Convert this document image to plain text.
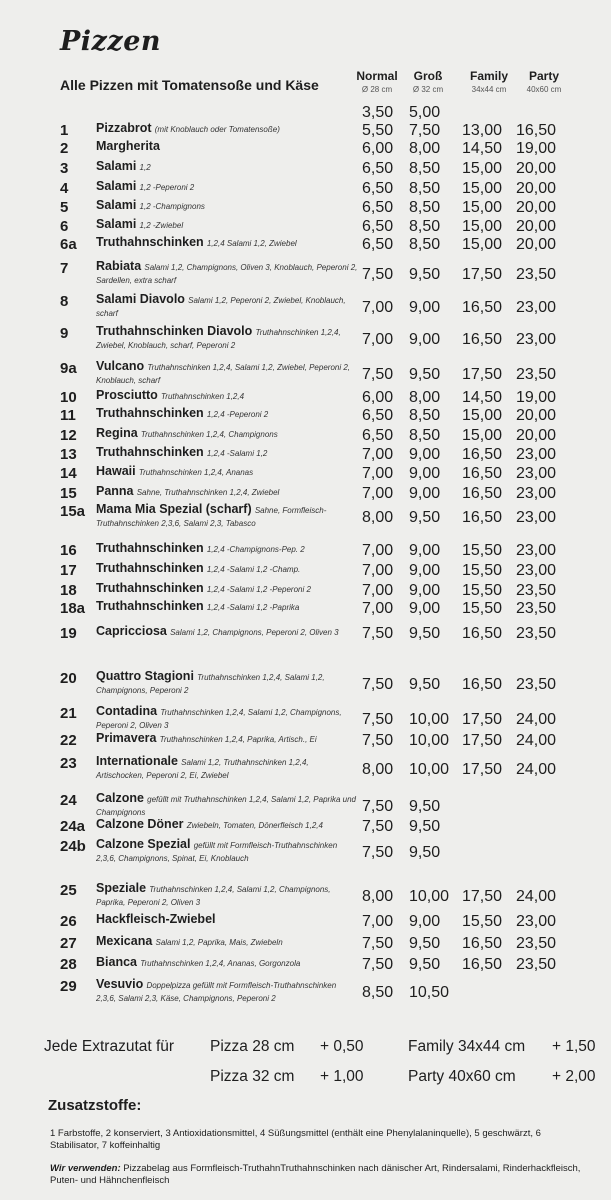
Pizzen
Alle Pizzen mit Tomatensoße und Käse
Normal
Ø 28 cm
Groß
Ø 32 cm
Family
34x44 cm
Party
40x60 cm
3,50 5,00
1 Pizzabrot (mit Knoblauch oder Tomatensoße)	5,50 7,50 13,00 16,50
2 Margherita	6,00 8,00 14,50 19,00
3 Salami 1,2	6,50 8,50 15,00 20,00
4 Salami 1,2 -Peperoni 2	6,50 8,50 15,00 20,00
5 Salami 1,2 -Champignons	6,50 8,50 15,00 20,00
6 Salami 1,2 -Zwiebel	6,50 8,50 15,00 20,00
6a Truthahnschinken 1,2,4 Salami 1,2, Zwiebel	6,50 8,50 15,00 20,00
7 Rabiata Salami 1,2, Champignons, Oliven 3, Knoblauch, Peperoni 2, Sardellen, extra scharf	7,50 9,50 17,50 23,50
8 Salami Diavolo Salami 1,2, Peperoni 2, Zwiebel, Knoblauch, scharf	7,00 9,00 16,50 23,00
9 Truthahnschinken Diavolo Truthahnschinken 1,2,4, Zwiebel, Knoblauch, scharf, Peperoni 2	7,00 9,00 16,50 23,00
9a Vulcano Truthahnschinken 1,2,4, Salami 1,2, Zwiebel, Peperoni 2, Knoblauch, scharf	7,50 9,50 17,50 23,50
10 Prosciutto Truthahnschinken 1,2,4	6,00 8,00 14,50 19,00
11 Truthahnschinken 1,2,4 -Peperoni 2	6,50 8,50 15,00 20,00
12 Regina Truthahnschinken 1,2,4, Champignons	6,50 8,50 15,00 20,00
13 Truthahnschinken 1,2,4 -Salami 1,2	7,00 9,00 16,50 23,00
14 Hawaii Truthahnschinken 1,2,4, Ananas	7,00 9,00 16,50 23,00
15 Panna Sahne, Truthahnschinken 1,2,4, Zwiebel	7,00 9,00 16,50 23,00
15a Mama Mia Spezial (scharf) Sahne, Formfleisch-Truthahnschinken 2,3,6, Salami 2,3, Tabasco	8,00 9,50 16,50 23,00
16 Truthahnschinken 1,2,4 -Champignons-Pep. 2	7,00 9,00 15,50 23,00
17 Truthahnschinken 1,2,4 -Salami 1,2 -Champ.	7,00 9,00 15,50 23,00
18 Truthahnschinken 1,2,4 -Salami 1,2 -Peperoni 2	7,00 9,00 15,50 23,50
18a Truthahnschinken 1,2,4 -Salami 1,2 -Paprika	7,00 9,00 15,50 23,50
19 Capricciosa Salami 1,2, Champignons, Peperoni 2, Oliven 3	7,50 9,50 16,50 23,50
20 Quattro Stagioni Truthahnschinken 1,2,4, Salami 1,2, Champignons, Peperoni 2	7,50 9,50 16,50 23,50
21 Contadina Truthahnschinken 1,2,4, Salami 1,2, Champignons, Peperoni 2, Oliven 3	7,50 10,00 17,50 24,00
22 Primavera Truthahnschinken 1,2,4, Paprika, Artisch., Ei	7,50 10,00 17,50 24,00
23 Internationale Salami 1,2, Truthahnschinken 1,2,4, Artischocken, Peperoni 2, Ei, Zwiebel	8,00 10,00 17,50 24,00
24 Calzone gefüllt mit Truthahnschinken 1,2,4, Salami 1,2, Paprika und Champignons	7,50 9,50
24a Calzone Döner Zwiebeln, Tomaten, Dönerfleisch 1,2,4	7,50 9,50
24b Calzone Spezial gefüllt mit Formfleisch-Truthahnschinken 2,3,6, Champignons, Spinat, Ei, Knoblauch	7,50 9,50
25 Speziale Truthahnschinken 1,2,4, Salami 1,2, Champignons, Paprika, Peperoni 2, Oliven 3	8,00 10,00 17,50 24,00
26 Hackfleisch-Zwiebel	7,00 9,00 15,50 23,00
27 Mexicana Salami 1,2, Paprika, Mais, Zwiebeln	7,50 9,50 16,50 23,50
28 Bianca Truthahnschinken 1,2,4, Ananas, Gorgonzola	7,50 9,50 16,50 23,50
29 Vesuvio Doppelpizza gefüllt mit Formfleisch-Truthahnschinken 2,3,6, Salami 2,3, Käse, Champignons, Peperoni 2	8,50 10,50
Jede Extrazutat für Pizza 28 cm + 0,50	Family 34x44 cm + 1,50
Pizza 32 cm + 1,00	Party 40x60 cm + 2,00
Zusatzstoffe:
1 Farbstoffe, 2 konserviert, 3 Antioxidationsmittel, 4 Süßungsmittel (enthält eine Phenylalaninquelle), 5 geschwärzt, 6 Stabilisator, 7 koffeinhaltig
Wir verwenden: Pizzabelag aus Formfleisch-TruthahnTruthahnschinken nach dänischer Art, Rindersalami, Rinderhackfleisch, Puten- und Hähnchenfleisch
